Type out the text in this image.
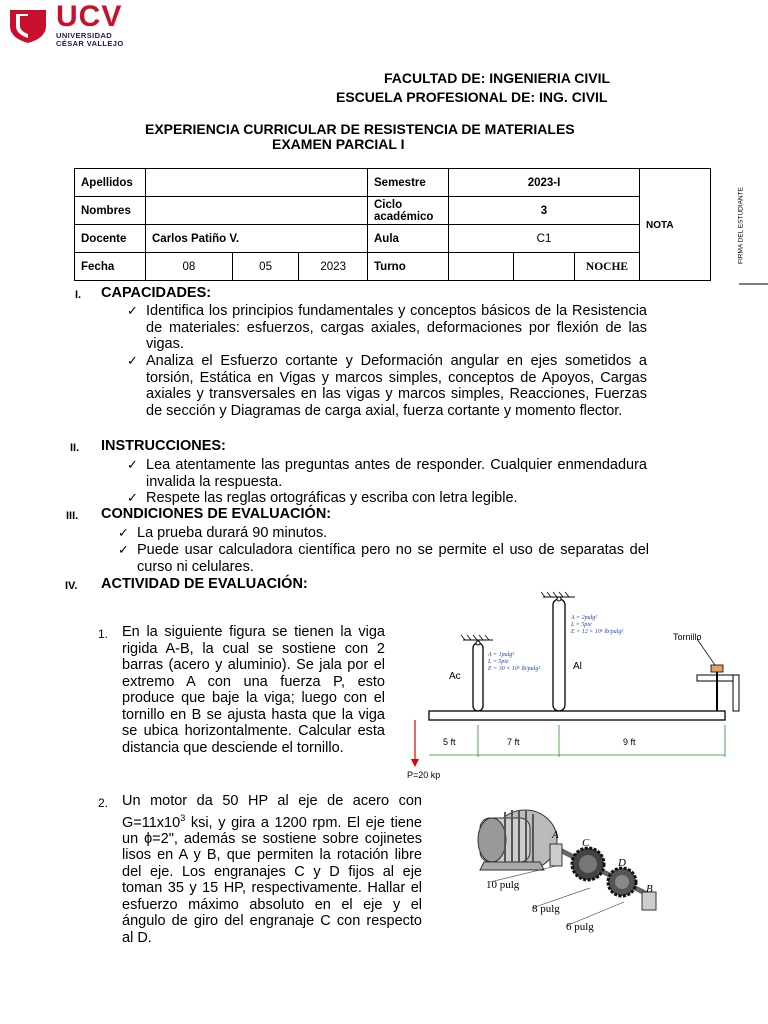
UCV
UNIVERSIDAD
CÉSAR VALLEJO
FACULTAD DE: INGENIERIA CIVIL
ESCUELA PROFESIONAL DE: ING. CIVIL
EXPERIENCIA CURRICULAR DE RESISTENCIA DE MATERIALES
EXAMEN PARCIAL I
Apellidos				Semestre	2023-I			NOTA
Nombres				Ciclo
académico	3			
Docente	Carlos Patiño V.			Aula	C1			
Fecha	08	05	2023	Turno			NOCHE	
FIRMA DEL ESTUDIANTE
I. CAPACIDADES:
✓ Identifica los principios fundamentales y conceptos básicos de la Resistencia de materiales: esfuerzos, cargas axiales, deformaciones por flexión de las vigas.
✓ Analiza el Esfuerzo cortante y Deformación angular en ejes sometidos a torsión, Estática en Vigas y marcos simples, conceptos de Apoyos, Cargas axiales y transversales en las vigas y marcos simples, Reacciones, Fuerzas de sección y Diagramas de carga axial, fuerza cortante y momento flector.
II. INSTRUCCIONES:
✓ Lea atentamente las preguntas antes de responder. Cualquier enmendadura invalida la respuesta.
✓ Respete las reglas ortográficas y escriba con letra legible.
III. CONDICIONES DE EVALUACIÓN:
✓ La prueba durará 90 minutos.
✓ Puede usar calculadora científica pero no se permite el uso de separatas del curso ni celulares.
IV. ACTIVIDAD DE EVALUACIÓN:
1. En la siguiente figura se tienen la viga rigida A-B, la cual se sostiene con 2 barras (acero y aluminio). Se jala por el extremo A con una fuerza P, esto produce que baje la viga; luego con el tornillo en B se ajusta hasta que la viga se ubica horizontalmente. Calcular esta distancia que desciende el tornillo.
Ac
Al
Tornillo
A = 1pulg²
L = 5pie
E = 30 × 10⁶ lb/pulg²
A = 2pulg²
L = 5pie
E = 12 × 10⁶ lb/pulg²
5 ft	7 ft	9 ft
P=20 kp
2. Un motor da 50 HP al eje de acero con $G=11x10^3$ ksi, y gira a 1200 rpm. El eje tiene un ϕ=2", además se sostiene sobre cojinetes lisos en A y B, que permiten la rotación libre del eje. Los engranajes C y D fijos al eje toman 35 y 15 HP, respectivamente. Hallar el esfuerzo máximo absoluto en el eje y el ángulo de giro del engranaje C con respecto al D.
A
C
D
B
10 pulg
8 pulg
6 pulg
